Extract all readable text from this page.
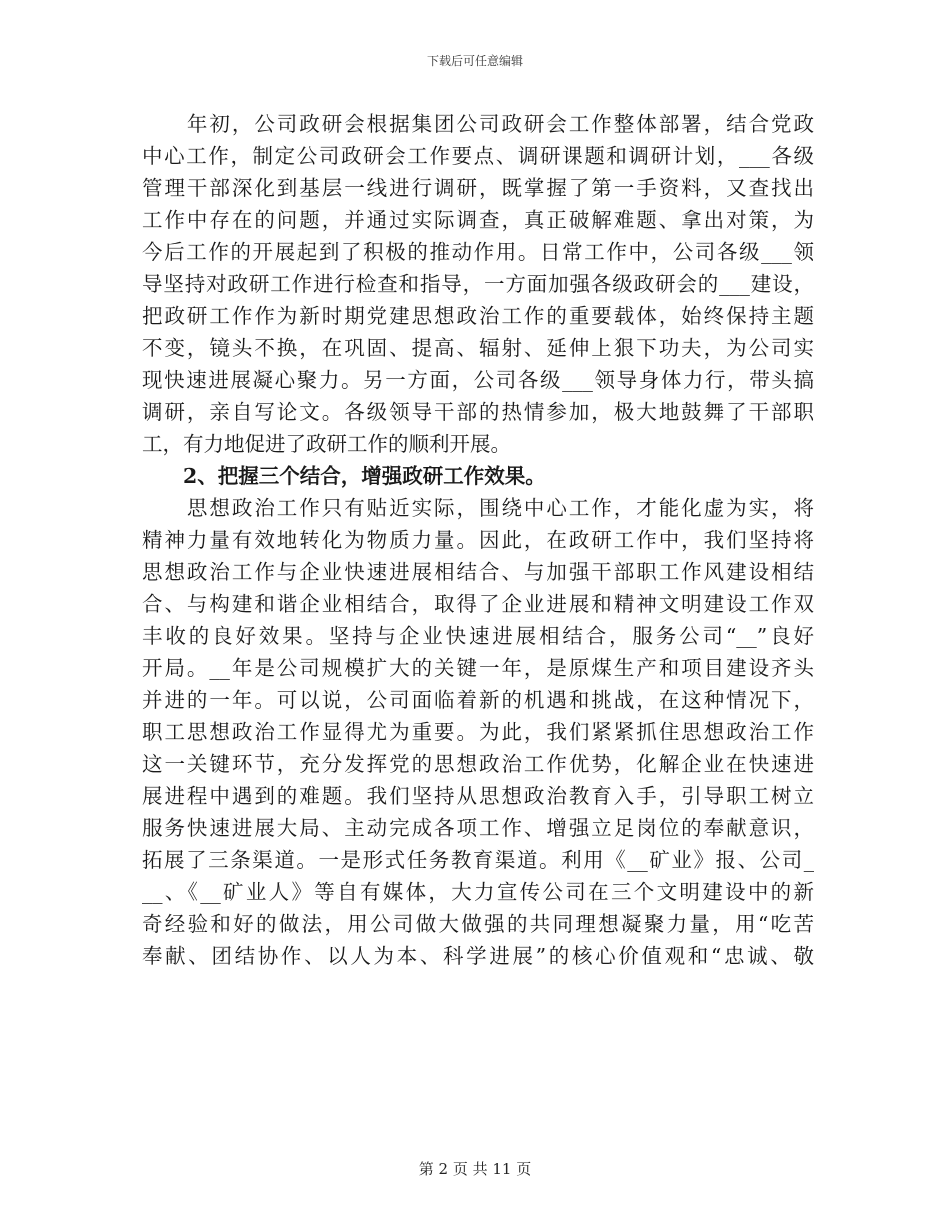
下载后可任意编辑
　　年初，公司政研会根据集团公司政研会工作整体部署，结合党政
中心工作，制定公司政研会工作要点、调研课题和调研计划，___各级
管理干部深化到基层一线进行调研，既掌握了第一手资料，又查找出
工作中存在的问题，并通过实际调查，真正破解难题、拿出对策，为
今后工作的开展起到了积极的推动作用。日常工作中，公司各级___领
导坚持对政研工作进行检查和指导，一方面加强各级政研会的___建设，
把政研工作作为新时期党建思想政治工作的重要载体，始终保持主题
不变，镜头不换，在巩固、提高、辐射、延伸上狠下功夫，为公司实
现快速进展凝心聚力。另一方面，公司各级___领导身体力行，带头搞
调研，亲自写论文。各级领导干部的热情参加，极大地鼓舞了干部职
工，有力地促进了政研工作的顺利开展。
　　2、把握三个结合，增强政研工作效果。
　　思想政治工作只有贴近实际，围绕中心工作，才能化虚为实，将
精神力量有效地转化为物质力量。因此，在政研工作中，我们坚持将
思想政治工作与企业快速进展相结合、与加强干部职工作风建设相结
合、与构建和谐企业相结合，取得了企业进展和精神文明建设工作双
丰收的良好效果。坚持与企业快速进展相结合，服务公司“__”良好
开局。__年是公司规模扩大的关键一年，是原煤生产和项目建设齐头
并进的一年。可以说，公司面临着新的机遇和挑战，在这种情况下，
职工思想政治工作显得尤为重要。为此，我们紧紧抓住思想政治工作
这一关键环节，充分发挥党的思想政治工作优势，化解企业在快速进
展进程中遇到的难题。我们坚持从思想政治教育入手，引导职工树立
服务快速进展大局、主动完成各项工作、增强立足岗位的奉献意识，
拓展了三条渠道。一是形式任务教育渠道。利用《__矿业》报、公司_
__、《__矿业人》等自有媒体，大力宣传公司在三个文明建设中的新
奇经验和好的做法，用公司做大做强的共同理想凝聚力量，用“吃苦
奉献、团结协作、以人为本、科学进展”的核心价值观和“忠诚、敬
第 2 页 共 11 页
